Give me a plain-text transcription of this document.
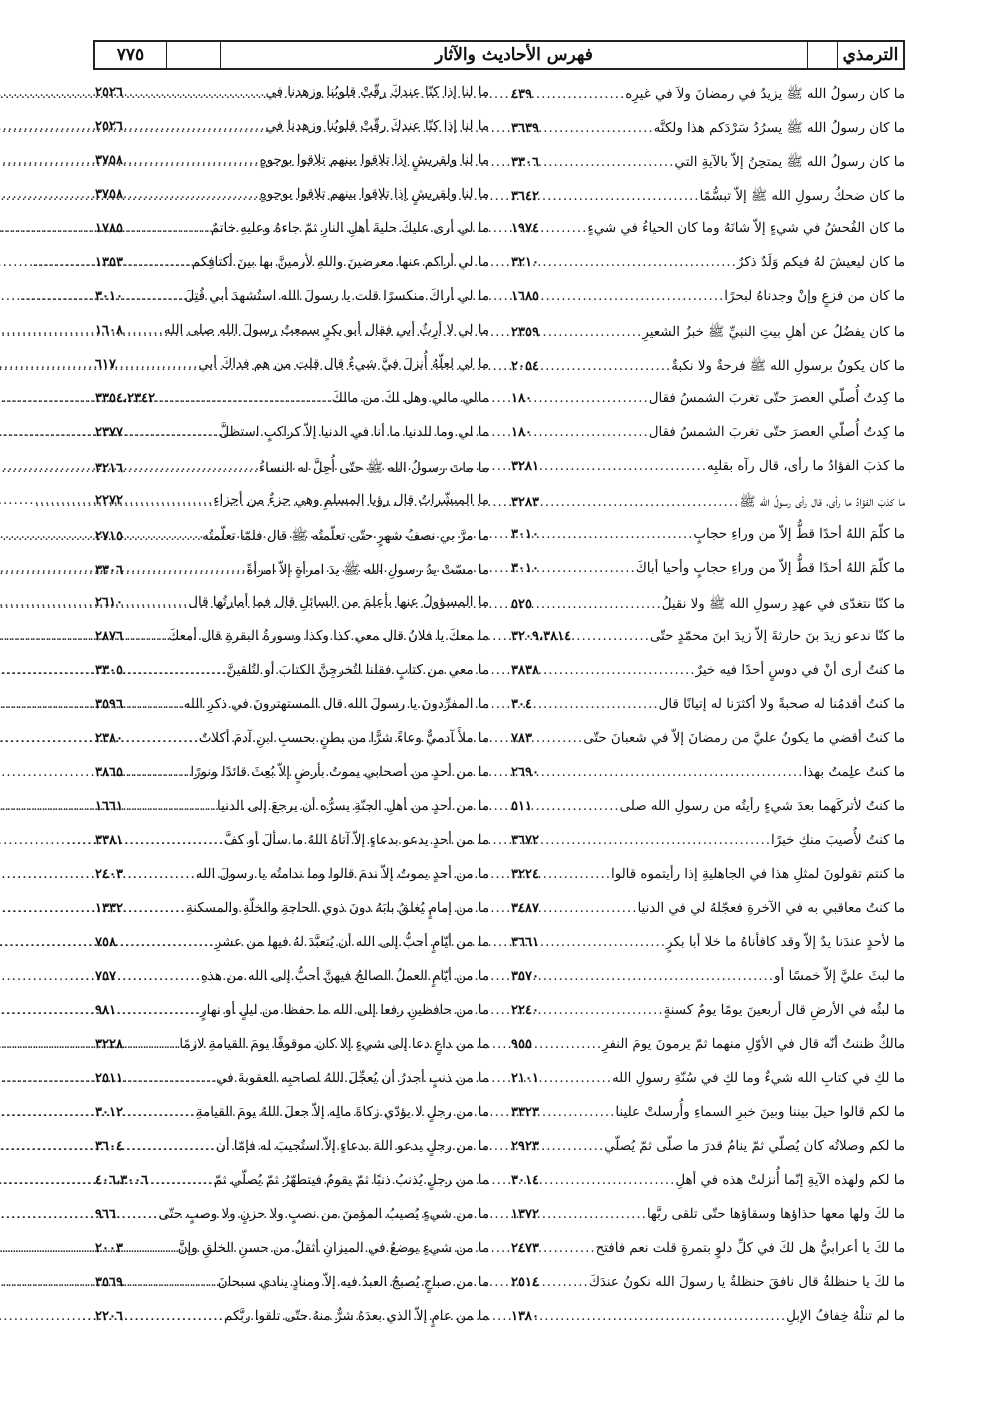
الترمذي
فهرس الأحاديث والآثار
٧٧٥
ما كان رسولُ الله ﷺ يزيدُ في رمضانَ ولاَ في غيرِه
.....
٤٣٩
ما كان رسولُ الله ﷺ يسرُدُ سَرْدَكم هذا ولكنَّه
.....
٣٦٣٩
ما كان رسولُ الله ﷺ يمتحِنُ إلاّ بالآيةِ التي
.....
٣٣٠٦
ما كان ضحكُ رسولِ الله ﷺ إلاّ تبسُّمًا
.....
٣٦٤٢
ما كان الفُحشُ في شيءٍ إلاّ شانَهُ وما كان الحياءُ في شيءٍ
.....
١٩٧٤
ما كان ليعيشَ لهُ فيكم وَلَدٌ ذكرٌ
.....
٣٢١٠
ما كان من فزعٍ وإنْ وجدناهُ لبحرًا
.....
١٦٨٥
ما كان يفضُلُ عن أهلِ بيتِ النبيِّ ﷺ خبزُ الشعيرِ
.....
٢٣٥٩
ما كان يكونُ برسولِ الله ﷺ فرحةٌ ولا نكبةٌ
.....
٢٠٥٤
ما كِدتُ أُصلّي العصرَ حتّى تغربَ الشمسُ فقال
.....
١٨٠
ما كِدتُ أُصلّي العصرَ حتّى تغربَ الشمسُ فقال
.....
١٨٠
ما كذبَ الفؤادُ ما رأى، قال رآه بقلبِه
.....
٣٢٨١
ما كذبَ الفؤادُ ما رأى، قال رأى رسولُ الله ﷺ
.....
٣٢٨٣
ما كلّمَ اللهُ أحدًا قطُّ إلاّ من وراءِ حجابٍ
.....
٣٠١٠
ما كلّمَ اللهُ أحدًا قطُّ إلاّ من وراءِ حجابٍ وأحيا أباكَ
.....
٣٠١٠
ما كنّا نتغدّى في عهدِ رسولِ الله ﷺ ولا نقيلُ
.....
٥٢٥
ما كنّا ندعو زيدَ بنَ حارثةَ إلاّ زيدَ ابنَ محمّدٍ حتّى
.....
٣٢٠٩،٣٨١٤
ما كنتُ أرى أنْ في دوسٍ أحدًا فيه خيرٌ
.....
٣٨٣٨
ما كنتُ أقدمُنا له صحبةً ولا أكثرَنا له إتيانًا قال
.....
٣٠٤
ما كنتُ أقضي ما يكونُ عليَّ من رمضانَ إلاّ في شعبانَ حتّى
.....
٧٨٣
ما كنتُ علِمتُ بهذا
.....
٢٦٩٠
ما كنتُ لأتركَهما بعدَ شيءٍ رأيتُه من رسولِ الله صلى
.....
٥١١
ما كنتُ لأُصيبَ منكِ خيرًا
.....
٣٦٧٢
ما كنتم تقولونَ لمثلِ هذا في الجاهليةِ إذا رأيتموه قالوا
.....
٣٢٢٤
ما كنتُ معاقبي به في الآخرةِ فعجّلهُ لي في الدنيا
.....
٣٤٨٧
ما لأحدٍ عندَنا يدٌ إلاّ وقد كافأناهُ ما خلا أبا بكرٍ
.....
٣٦٦١
ما لبثَ عليَّ إلاّ خمسًا أو
.....
٣٥٧٠
ما لبثُه في الأرضِ قال أربعينَ يومًا يومٌ كسنةٍ
.....
٢٢٤٠
مالكٌ ظننتُ أنّه قال في الأوّلِ منهما ثمّ يرمونَ يومَ النفرِ
.....
٩٥٥
ما لكِ في كتابِ الله شيءٌ وما لكِ في سُنّةِ رسولِ الله
.....
٢١٠١
ما لكم قالوا حيلَ بيننا وبينَ خبرِ السماءِ وأُرسلتْ علينا
.....
٣٣٢٣
ما لكم وصلاتُه كان يُصلّي ثمّ ينامُ قدرَ ما صلّى ثمّ يُصلّي
.....
٢٩٢٣
ما لكم ولهذه الآيةِ إنّما أُنزلتْ هذه في أهلِ
.....
٣٠١٤
ما لكَ ولها معها حذاؤها وسقاؤها حتّى تلقى ربَّها
.....
١٣٧٢
ما لكَ يا أعرابيُّ هل لكَ في كلِّ دلوٍ بتمرةٍ قلت نعم فافتح
.....
٢٤٧٣
ما لكَ يا حنظلةُ قال نافقَ حنظلةُ يا رسولَ الله نكونُ عندَكَ
.....
٢٥١٤
ما لم تنلْهُ خِفافُ الإبلِ
.....
١٣٨٠
ما لنا إذا كنّا عندكَ رقّتْ قلوبُنا وزهدنا في
.....
٢٥٢٦
ما لنا إذا كنّا عندكَ رقّتْ قلوبُنا وزهدنا في
.....
٢٥٢٦
ما لنا ولقريشٍ إذا تلاقوا بينهم تلاقوا بوجوهٍ
.....
٣٧٥٨
ما لنا ولقريشٍ إذا تلاقوا بينهم تلاقوا بوجوهٍ
.....
٣٧٥٨
ما لي أرى عليكَ حليةَ أهلِ النارِ ثمّ جاءهُ وعليهِ خاتمٌ
.....
١٧٨٥
ما لي أراكم عنها معرضينَ واللهِ لأرمينَّ بها بينَ أكتافِكم
.....
١٣٥٣
ما لي أراكَ منكسرًا قلت يا رسولَ الله استُشهدَ أبي قُتِلَ
.....
٣٠١٠
ما لي لا أرِثُ أبي فقال أبو بكرٍ سمعتُ رسولَ الله صلى الله
.....
١٦٠٨
ما لي لعلّهُ أُنزلَ فيَّ شيءٌ قال قلت من هم فداكَ أبي
.....
٦١٧
مالي مالي وهل لكَ من مالكَ
.....
٣٣٥٤،٢٣٤٢
ما لي وما للدنيا ما أنا في الدنيا إلاّ كراكبٍ استظلَّ
.....
٢٣٧٧
ما ماتَ رسولُ الله ﷺ حتّى أُحِلَّ له النساءُ
.....
٣٢١٦
ما المبشّراتُ قال رؤيا المسلمِ وهي جزءٌ من أجزاءِ
.....
٢٢٧٢
ما مرَّ بي نصفُ شهرٍ حتّى تعلّمتُه ﷺ قال فلمّا تعلّمتُه
.....
٢٧١٥
ما مسّتْ يدُ رسولِ الله ﷺ يدَ امرأةٍ إلاّ امرأةً
.....
٣٣٠٦
ما المسؤولُ عنها بأعلمَ من السائلِ قال فما أمارتُها قال
.....
٢٦١٠
ما معكَ يا فلانُ قال معي كذا وكذا وسورةُ البقرةِ قال أمعكَ
.....
٢٨٧٦
ما معي من كتابٍ فقلنا لتُخرجِنَّ الكتابَ أو لتُلقينَّ
.....
٣٣٠٥
ما المفرِّدونَ يا رسولَ الله قال المستهترونَ في ذكرِ الله
.....
٣٥٩٦
ما ملأَ آدميٌّ وعاءً شرًّا من بطنٍ بحسبِ ابنِ آدمَ أكلاتٌ
.....
٢٣٨٠
ما من أحدٍ من أصحابي يموتُ بأرضٍ إلاّ بُعِثَ قائدًا ونورًا
.....
٣٨٦٥
ما من أحدٍ من أهلِ الجنّةِ يسرُّه أن يرجعَ إلى الدنيا
.....
١٦٦١
ما من أحدٍ يدعو بدعاءٍ إلاّ آتاهُ اللهُ ما سألَ أو كفَّ
.....
٣٣٨١
ما من أحدٍ يموتُ إلاّ ندمَ قالوا وما ندامتُه يا رسولَ الله
.....
٢٤٠٣
ما من إمامٍ يُغلقُ بابَهُ دونَ ذوي الحاجةِ والخلّةِ والمسكنةِ
.....
١٣٣٢
ما من أيّامٍ أحبُّ إلى الله أن يُتعبَّدَ لهُ فيها من عشرِ
.....
٧٥٨
ما من أيّامٍ العملُ الصالحُ فيهنَّ أحبُّ إلى الله من هذهِ
.....
٧٥٧
ما من حافظينِ رفعا إلى الله ما حفظا من ليلٍ أو نهارٍ
.....
٩٨١
ما من داعٍ دعا إلى شيءٍ إلا كان موقوفًا يومَ القيامةِ لازمًا
.....
٣٢٢٨
ما من ذنبٍ أجدرُ أن يُعجِّلَ اللهُ لصاحبِه العقوبةَ في
.....
٢٥١١
ما من رجلٍ لا يؤدّي زكاةَ مالِه إلاّ جعلَ اللهُ يومَ القيامةِ
.....
٣٠١٢
ما من رجلٍ يدعو اللهَ بدعاءٍ إلاّ استُجيبَ له فإمّا أن
.....
٣٦٠٤
ما من رجلٍ يُذنبُ ذنبًا ثمّ يقومُ فيتطهّرُ ثمّ يُصلّي ثمّ
.....
٤٠٦،٣٠٠٦
ما من شيءٍ يُصيبُ المؤمنَ من نصبٍ ولا حزنٍ ولا وصبٍ حتّى
.....
٩٦٦
ما من شيءٍ يوضعُ في الميزانِ أثقلُ من حسنِ الخلقِ وإنَّ
.....
٢٠٠٣
ما من صباحٍ يُصبحُ العبدُ فيه إلاّ ومنادٍ ينادي سبحانَ
.....
٣٥٦٩
ما من عامٍ إلاّ الذي بعدَهُ شرٌّ منهُ حتّى تلقوا ربَّكم
.....
٢٢٠٦
